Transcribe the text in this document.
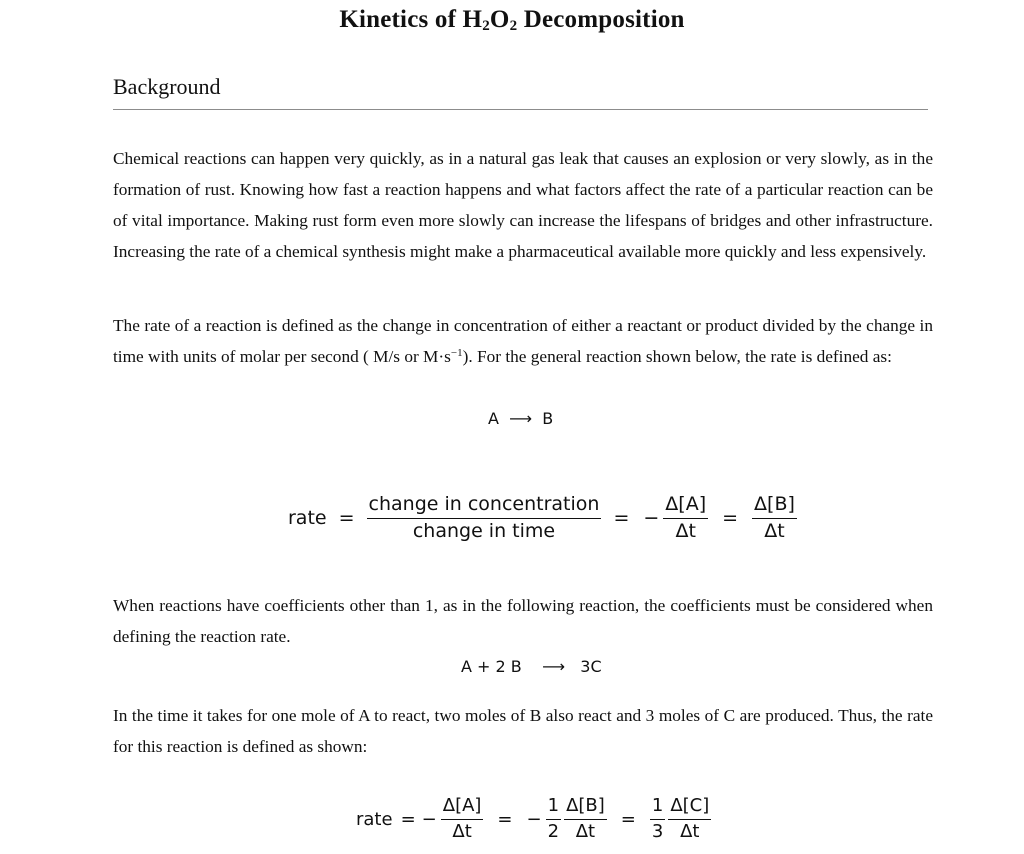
Kinetics of $H_2O_2$ Decomposition
Background

Chemical reactions can happen very quickly, as in a natural gas leak that causes an explosion or very slowly, as in the formation of rust. Knowing how fast a reaction happens and what factors affect the rate of a particular reaction can be of vital importance. Making rust form even more slowly can increase the lifespans of bridges and other infrastructure. Increasing the rate of a chemical synthesis might make a pharmaceutical available more quickly and less expensively.

The rate of a reaction is defined as the change in concentration of either a reactant or product divided by the change in time with units of molar per second ( M/s or $M\cdot s^{-1}$). For the general reaction shown below, the rate is defined as:

A  ⟶  B
rate = $\frac{\text{change in concentration}}{\text{change in time}}$ = − $\frac{\Delta[A]}{\Delta t} = \frac{\Delta[B]}{\Delta t}$

When reactions have coefficients other than 1, as in the following reaction, the coefficients must be considered when defining the reaction rate.

A + 2 B    ⟶   3C

In the time it takes for one mole of A to react, two moles of B also react and 3 moles of C are produced. Thus, the rate for this reaction is defined as shown:

rate = − $\frac{\Delta[A]}{\Delta t}$ = − $\frac{1}{2} \frac{\Delta[B]}{\Delta t} = \frac{1}{3} \frac{\Delta[C]}{\Delta t}$
